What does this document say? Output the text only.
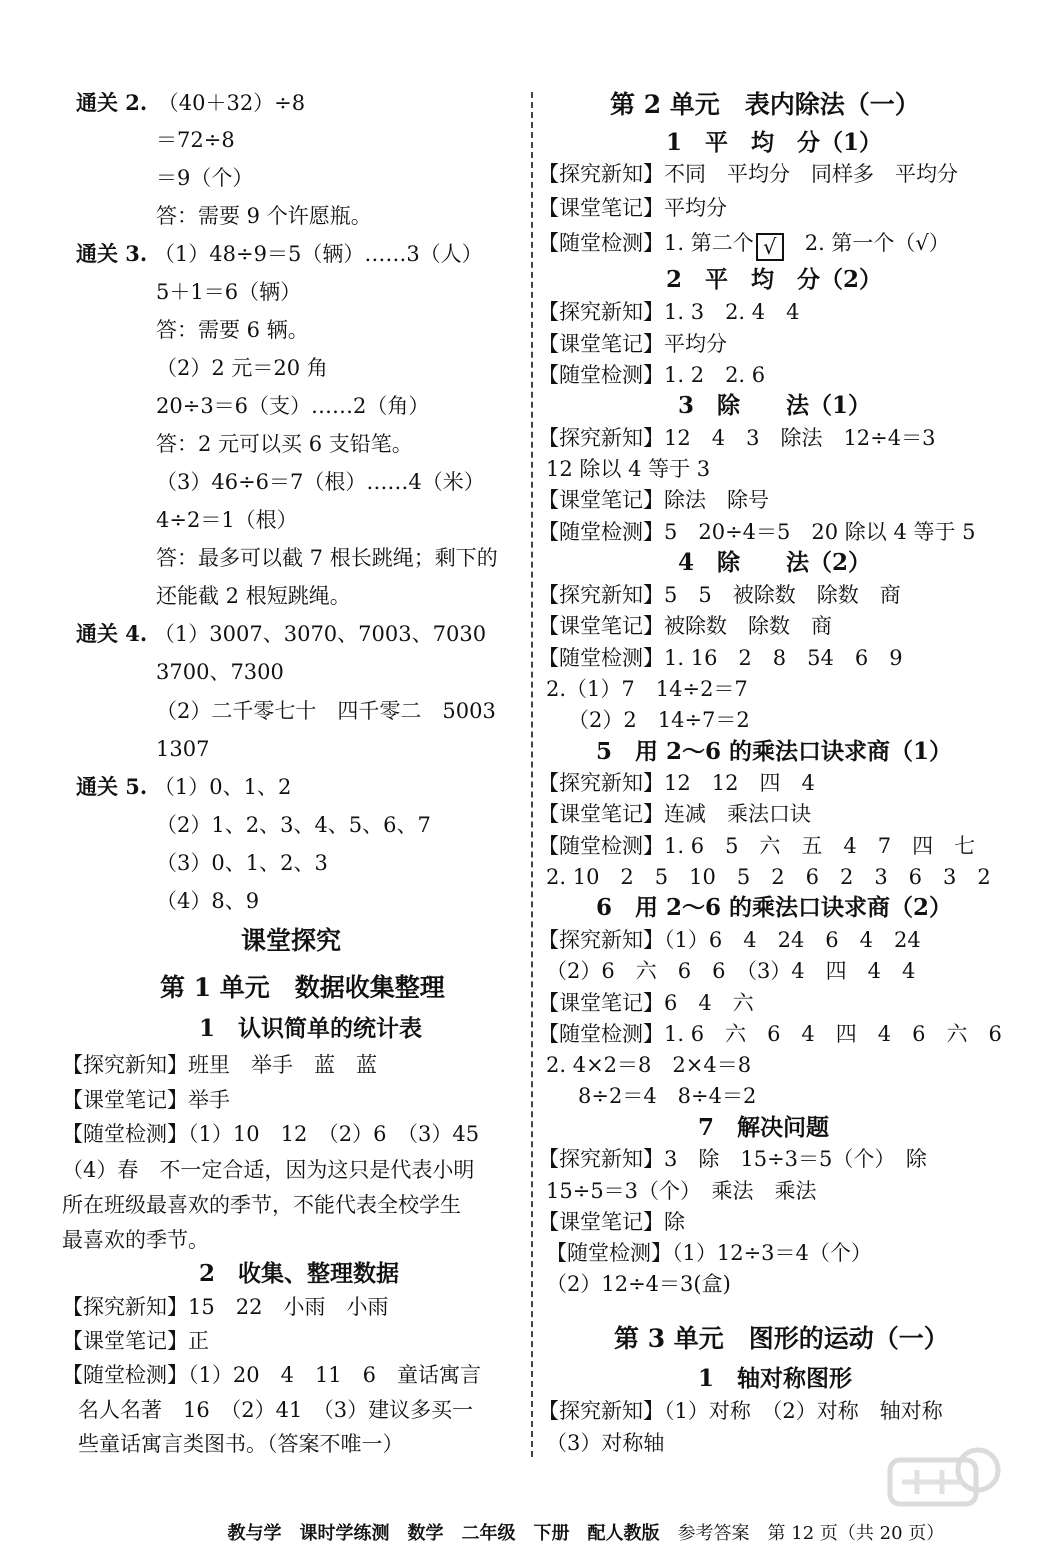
通关 2.　 （40＋32）÷8
＝72÷8
＝9（个）
答：需要 9 个许愿瓶。
通关 3. （1）48÷9＝5（辆）……3（人）
5＋1＝6（辆）
答：需要 6 辆。
（2）2 元＝20 角
20÷3＝6（支）……2（角）
答：2 元可以买 6 支铅笔。
（3）46÷6＝7（根）……4（米）
4÷2＝1（根）
答：最多可以截 7 根长跳绳；剩下的
还能截 2 根短跳绳。
通关 4. （1）3007、3070、7003、7030
3700、7300
（2）二千零七十　四千零二　5003
1307
通关 5. （1）0、1、2
（2）1、2、3、4、5、6、7
（3）0、1、2、3
（4）8、9
课堂探究
第 1 单元　数据收集整理
1　认识简单的统计表
【探究新知】班里　举手　蓝　蓝
【课堂笔记】举手
【随堂检测】（1）10　12　（2）6　（3）45
（4）春　不一定合适，因为这只是代表小明
所在班级最喜欢的季节，不能代表全校学生
最喜欢的季节。
2　收集、整理数据
【探究新知】15　22　小雨　小雨
【课堂笔记】正
【随堂检测】（1）20　4　11　6　童话寓言
名人名著　16　（2）41　（3）建议多买一
些童话寓言类图书。（答案不唯一）
第 2 单元　表内除法（一）
1　平　均　分（1）
【探究新知】不同　平均分　同样多　平均分
【课堂笔记】平均分
【随堂检测】1. 第二个 √　 2. 第一个（√）
2　平　均　分（2）
【探究新知】1. 3　2. 4　4
【课堂笔记】平均分
【随堂检测】1. 2　2. 6
3　除　　法（1）
【探究新知】12　4　3　除法　12÷4＝3
12 除以 4 等于 3
【课堂笔记】除法　除号
【随堂检测】5　20÷4＝5　20 除以 4 等于 5
4　除　　法（2）
【探究新知】5　5　被除数　除数　商
【课堂笔记】被除数　除数　商
【随堂检测】1. 16　2　8　54　6　9
2.（1）7　14÷2＝7
（2）2　14÷7＝2
5　用 2～6 的乘法口诀求商（1）
【探究新知】12　12　四　4
【课堂笔记】连减　乘法口诀
【随堂检测】1. 6　5　六　五　4　7　四　七
2. 10　2　5　10　5　2　6　2　3　6　3　2
6　用 2～6 的乘法口诀求商（2）
【探究新知】（1）6　4　24　6　4　24
（2）6　六　6　6　（3）4　四　4　4
【课堂笔记】6　4　六
【随堂检测】1. 6　六　6　4　四　4　6　六　6
2. 4×2＝8　2×4＝8
8÷2＝4　8÷4＝2
7　解决问题
【探究新知】3　除　15÷3＝5（个）　除
15÷5＝3（个）　乘法　乘法
【课堂笔记】除
【随堂检测】（1）12÷3＝4（个）
（2）12÷4＝3(盒)
第 3 单元　图形的运动（一）
1　轴对称图形
【探究新知】（1）对称　（2）对称　轴对称
（3）对称轴

教与学　课时学练测　数学　二年级　下册　配人教版　 参考答案　第 12 页（共 20 页）
